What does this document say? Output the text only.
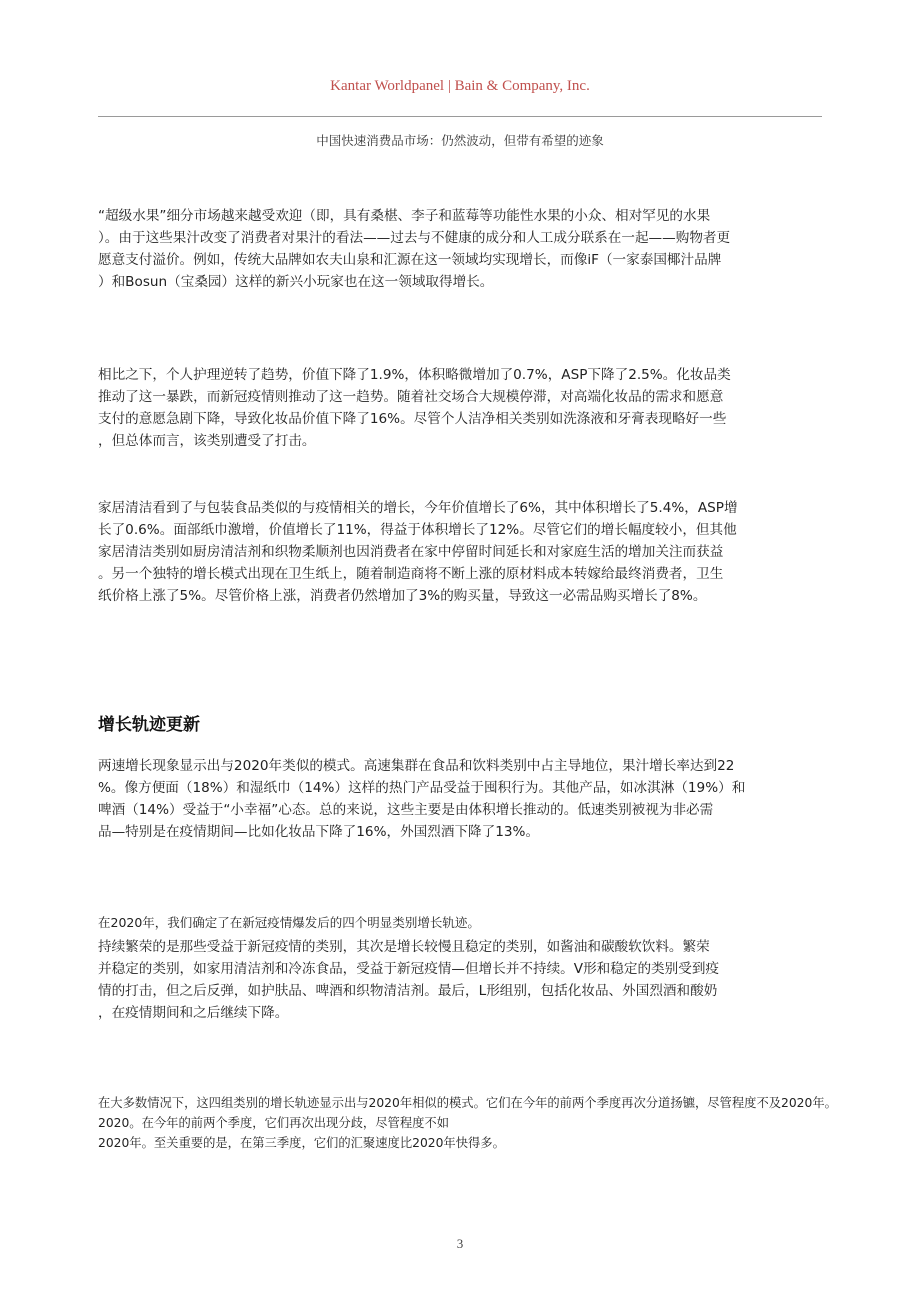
Kantar Worldpanel | Bain & Company, Inc.
中国快速消费品市场：仍然波动，但带有希望的迹象
“超级水果”细分市场越来越受欢迎（即，具有桑椹、李子和蓝莓等功能性水果的小众、相对罕见的水果
）。由于这些果汁改变了消费者对果汁的看法——过去与不健康的成分和人工成分联系在一起——购物者更
愿意支付溢价。例如，传统大品牌如农夫山泉和汇源在这一领域均实现增长，而像iF（一家泰国椰汁品牌
）和Bosun（宝桑园）这样的新兴小玩家也在这一领域取得增长。
相比之下，个人护理逆转了趋势，价值下降了1.9%，体积略微增加了0.7%，ASP下降了2.5%。化妆品类
推动了这一暴跌，而新冠疫情则推动了这一趋势。随着社交场合大规模停滞，对高端化妆品的需求和愿意
支付的意愿急剧下降，导致化妆品价值下降了16%。尽管个人洁净相关类别如洗涤液和牙膏表现略好一些
，但总体而言，该类别遭受了打击。
家居清洁看到了与包装食品类似的与疫情相关的增长，今年价值增长了6%，其中体积增长了5.4%，ASP增
长了0.6%。面部纸巾激增，价值增长了11%，得益于体积增长了12%。尽管它们的增长幅度较小，但其他
家居清洁类别如厨房清洁剂和织物柔顺剂也因消费者在家中停留时间延长和对家庭生活的增加关注而获益
。另一个独特的增长模式出现在卫生纸上，随着制造商将不断上涨的原材料成本转嫁给最终消费者，卫生
纸价格上涨了5%。尽管价格上涨，消费者仍然增加了3%的购买量，导致这一必需品购买增长了8%。
增长轨迹更新
两速增长现象显示出与2020年类似的模式。高速集群在食品和饮料类别中占主导地位，果汁增长率达到22
%。像方便面（18%）和湿纸巾（14%）这样的热门产品受益于囤积行为。其他产品，如冰淇淋（19%）和
啤酒（14%）受益于“小幸福”心态。总的来说，这些主要是由体积增长推动的。低速类别被视为非必需
品—特别是在疫情期间—比如化妆品下降了16%，外国烈酒下降了13%。
在2020年，我们确定了在新冠疫情爆发后的四个明显类别增长轨迹。
持续繁荣的是那些受益于新冠疫情的类别，其次是增长较慢且稳定的类别，如酱油和碳酸软饮料。繁荣
并稳定的类别，如家用清洁剂和冷冻食品，受益于新冠疫情—但增长并不持续。V形和稳定的类别受到疫
情的打击，但之后反弹，如护肤品、啤酒和织物清洁剂。最后，L形组别，包括化妆品、外国烈酒和酸奶
，在疫情期间和之后继续下降。
在大多数情况下，这四组类别的增长轨迹显示出与2020年相似的模式。它们在今年的前两个季度再次分道扬镳，尽管程度不及2020年。
2020。在今年的前两个季度，它们再次出现分歧，尽管程度不如
2020年。至关重要的是，在第三季度，它们的汇聚速度比2020年快得多。
3
